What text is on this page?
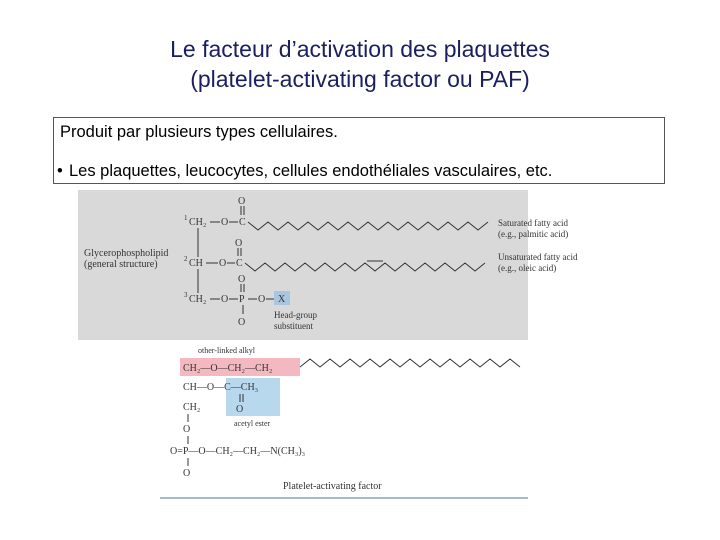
Le facteur d’activation des plaquettes
(platelet-activating factor ou PAF)
Produit par plusieurs types cellulaires.
• Les plaquettes, leucocytes, cellules endothéliales vasculaires, etc.
Glycerophospholipid
(general structure)
1 CH₂ O C
O
Saturated fatty acid
(e.g., palmitic acid)
2 CH O C
O
Unsaturated fatty acid
(e.g., oleic acid)
3 CH₂ O P
O
O
O X
Head-group
substituent
other-linked alkyl
CH₂—O—CH₂—CH₂
CH—O—C—CH₃
O
acetyl ester
CH₂
O
O=P—O—CH₂—CH₂—N(CH₃)₃
O
Platelet-activating factor
